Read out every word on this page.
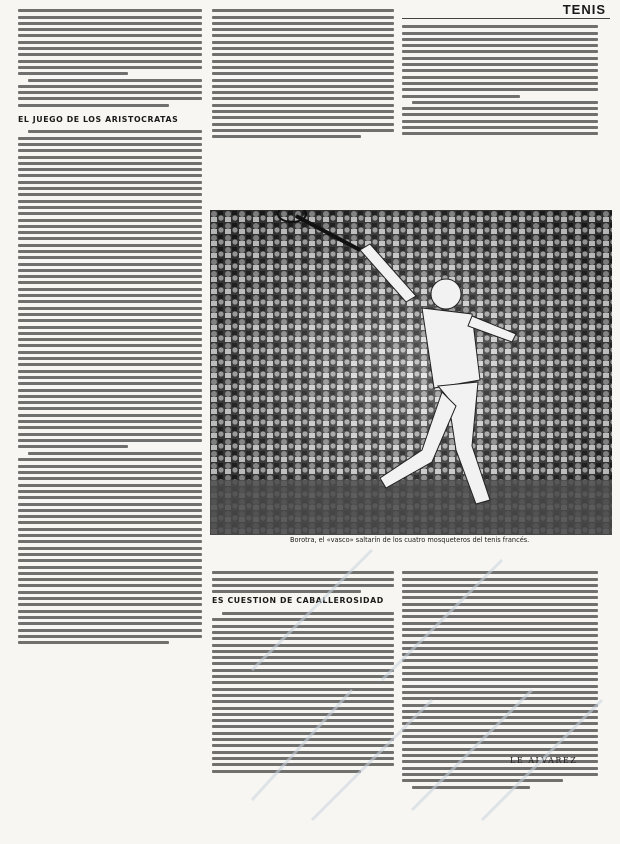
TENIS
EL JUEGO DE LOS ARISTOCRATAS
Borotra, el «vasco» saltarín de los cuatro mosqueteros del tenis francés.
ES CUESTION DE CABALLEROSIDAD
LE ALVAREZ
